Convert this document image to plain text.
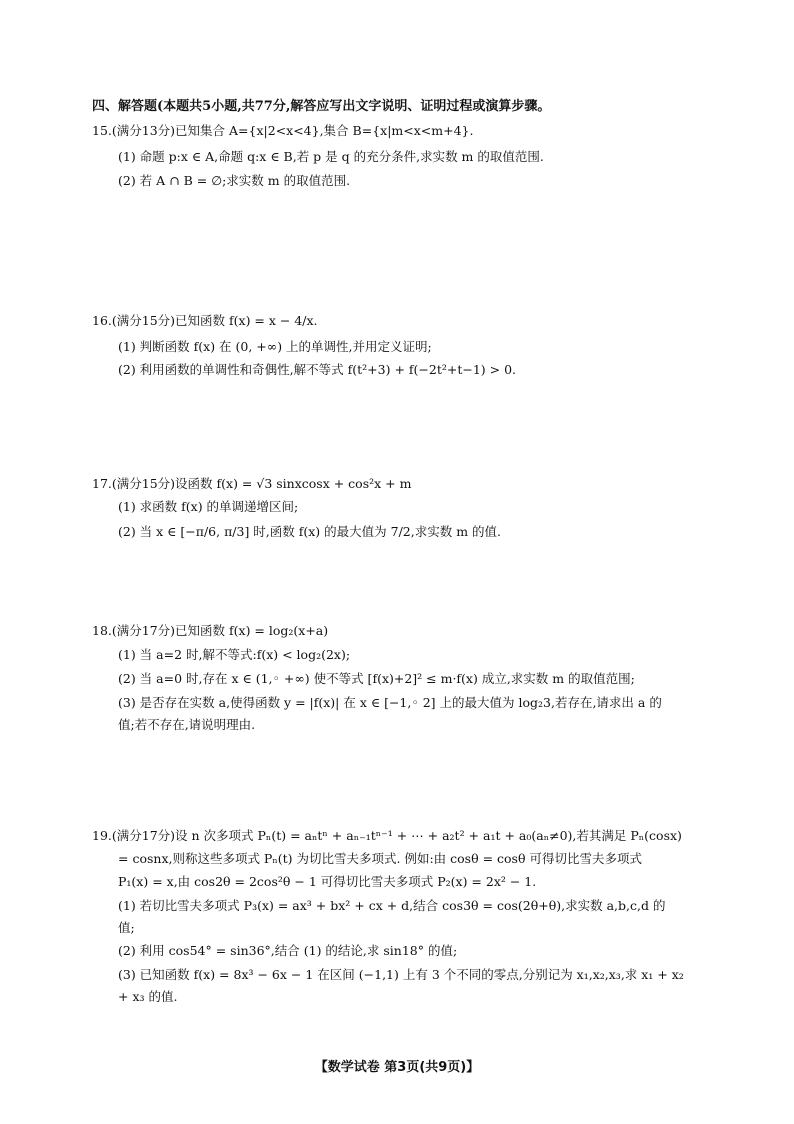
四、解答题(本题共5小题,共77分,解答应写出文字说明、证明过程或演算步骤。
15.(满分13分)已知集合 A={x|2<x<4},集合 B={x|m<x<m+4}.
(1) 命题 p:x ∈ A,命题 q:x ∈ B,若 p 是 q 的充分条件,求实数 m 的取值范围.
(2) 若 A ∩ B = ∅;求实数 m 的取值范围.
16.(满分15分)已知函数 f(x) = x − 4/x.
(1) 判断函数 f(x) 在 (0, +∞) 上的单调性,并用定义证明;
(2) 利用函数的单调性和奇偶性,解不等式 f(t²+3) + f(−2t²+t−1) > 0.
17.(满分15分)设函数 f(x) = √3 sinxcosx + cos²x + m
(1) 求函数 f(x) 的单调递增区间;
(2) 当 x ∈ [−π/6, π/3] 时,函数 f(x) 的最大值为 7/2,求实数 m 的值.
18.(满分17分)已知函数 f(x) = log₂(x+a)
(1) 当 a=2 时,解不等式:f(x) < log₂(2x);
(2) 当 a=0 时,存在 x ∈ (1,◦ +∞) 使不等式 [f(x)+2]² ≤ m·f(x) 成立,求实数 m 的取值范围;
(3) 是否存在实数 a,使得函数 y = |f(x)| 在 x ∈ [−1,◦ 2] 上的最大值为 log₂3,若存在,请求出 a 的
值;若不存在,请说明理由.
19.(满分17分)设 n 次多项式 Pₙ(t) = aₙtⁿ + aₙ₋₁tⁿ⁻¹ + ⋯ + a₂t² + a₁t + a₀(aₙ≠0),若其满足 Pₙ(cosx)
= cosnx,则称这些多项式 Pₙ(t) 为切比雪夫多项式. 例如:由 cosθ = cosθ 可得切比雪夫多项式
P₁(x) = x,由 cos2θ = 2cos²θ − 1 可得切比雪夫多项式 P₂(x) = 2x² − 1.
(1) 若切比雪夫多项式 P₃(x) = ax³ + bx² + cx + d,结合 cos3θ = cos(2θ+θ),求实数 a,b,c,d 的
值;
(2) 利用 cos54° = sin36°,结合 (1) 的结论,求 sin18° 的值;
(3) 已知函数 f(x) = 8x³ − 6x − 1 在区间 (−1,1) 上有 3 个不同的零点,分别记为 x₁,x₂,x₃,求 x₁ + x₂
+ x₃ 的值.
【数学试卷 第3页(共9页)】
